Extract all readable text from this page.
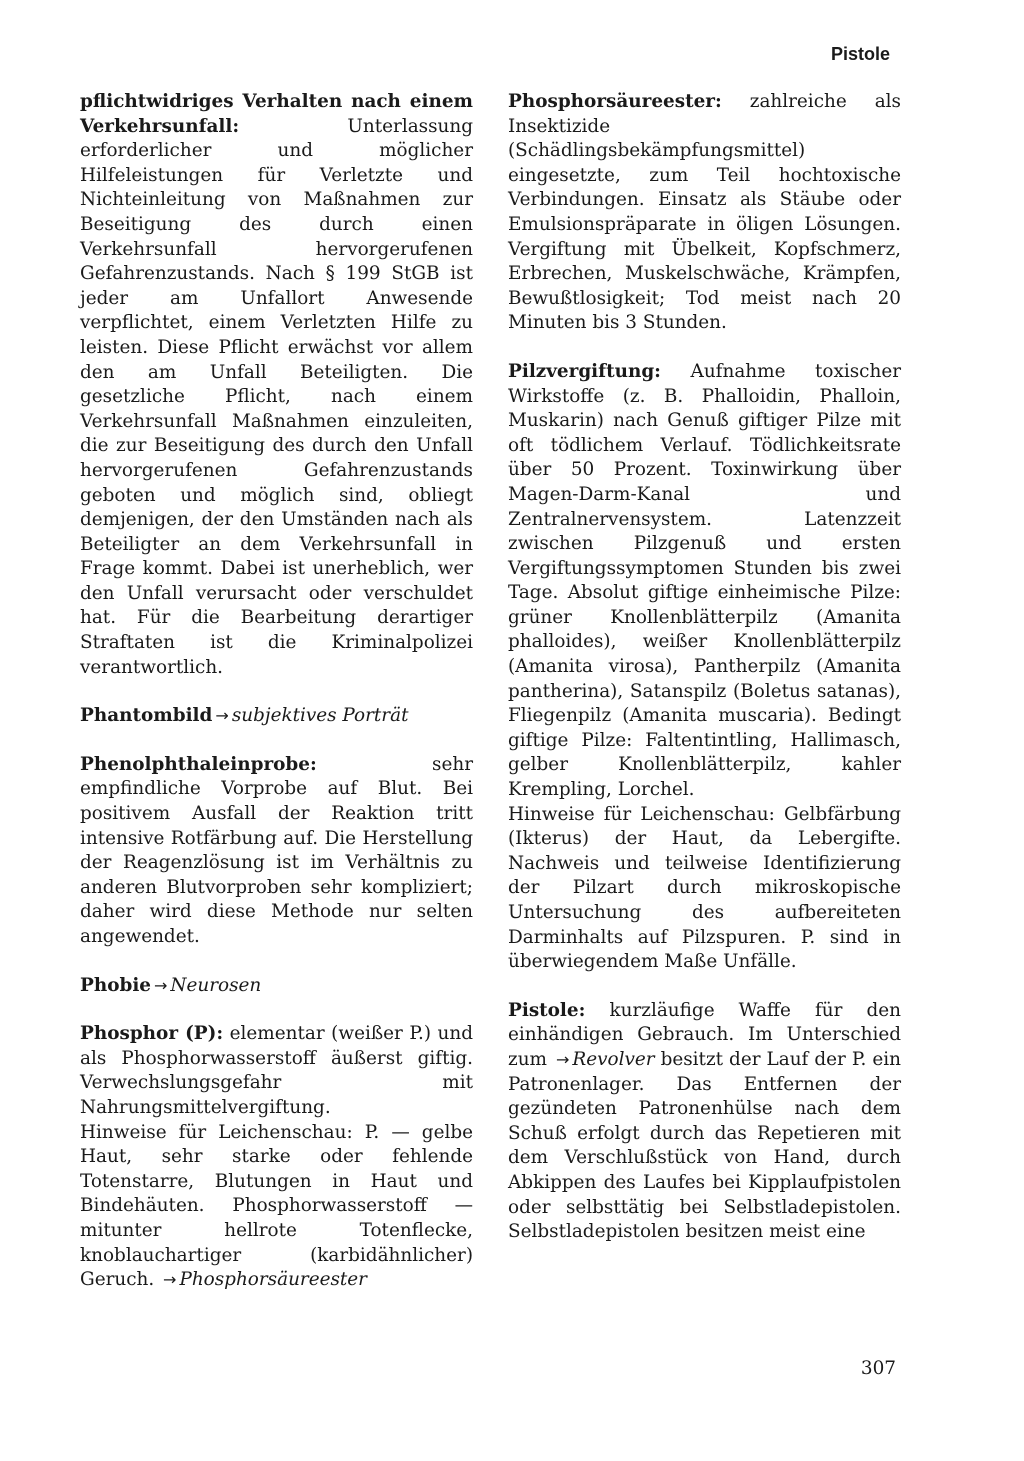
Pistole

pflichtwidriges Verhalten nach einem Verkehrsunfall: Unterlassung erforderlicher und möglicher Hilfeleistungen für Verletzte und Nichteinleitung von Maßnahmen zur Beseitigung des durch einen Verkehrsunfall hervorgerufenen Gefahrenzustands. Nach § 199 StGB ist jeder am Unfallort Anwesende verpflichtet, einem Verletzten Hilfe zu leisten. Diese Pflicht erwächst vor allem den am Unfall Beteiligten. Die gesetzliche Pflicht, nach einem Verkehrsunfall Maßnahmen einzuleiten, die zur Beseitigung des durch den Unfall hervorgerufenen Gefahrenzustands geboten und möglich sind, obliegt demjenigen, der den Umständen nach als Beteiligter an dem Verkehrsunfall in Frage kommt. Dabei ist unerheblich, wer den Unfall verursacht oder verschuldet hat. Für die Bearbeitung derartiger Straftaten ist die Kriminalpolizei verantwortlich.

Phantombild → subjektives Porträt

Phenolphthaleinprobe: sehr empfindliche Vorprobe auf Blut. Bei positivem Ausfall der Reaktion tritt intensive Rotfärbung auf. Die Herstellung der Reagenzlösung ist im Verhältnis zu anderen Blutvorproben sehr kompliziert; daher wird diese Methode nur selten angewendet.

Phobie → Neurosen

Phosphor (P): elementar (weißer P.) und als Phosphorwasserstoff äußerst giftig. Verwechslungsgefahr mit Nahrungsmittelvergiftung.

Hinweise für Leichenschau: P. — gelbe Haut, sehr starke oder fehlende Totenstarre, Blutungen in Haut und Bindehäuten. Phosphorwasserstoff — mitunter hellrote Totenflecke, knoblauchartiger (karbidähnlicher) Geruch. → Phosphorsäureester

Phosphorsäureester: zahlreiche als Insektizide (Schädlingsbekämpfungsmittel) eingesetzte, zum Teil hochtoxische Verbindungen. Einsatz als Stäube oder Emulsionspräparate in öligen Lösungen. Vergiftung mit Übelkeit, Kopfschmerz, Erbrechen, Muskelschwäche, Krämpfen, Bewußtlosigkeit; Tod meist nach 20 Minuten bis 3 Stunden.

Pilzvergiftung: Aufnahme toxischer Wirkstoffe (z. B. Phalloidin, Phalloin, Muskarin) nach Genuß giftiger Pilze mit oft tödlichem Verlauf. Tödlichkeitsrate über 50 Prozent. Toxinwirkung über Magen-Darm-Kanal und Zentralnervensystem. Latenzzeit zwischen Pilzgenuß und ersten Vergiftungssymptomen Stunden bis zwei Tage. Absolut giftige einheimische Pilze: grüner Knollenblätterpilz (Amanita phalloides), weißer Knollenblätterpilz (Amanita virosa), Pantherpilz (Amanita pantherina), Satanspilz (Boletus satanas), Fliegenpilz (Amanita muscaria). Bedingt giftige Pilze: Faltentintling, Hallimasch, gelber Knollenblätterpilz, kahler Krempling, Lorchel.

Hinweise für Leichenschau: Gelbfärbung (Ikterus) der Haut, da Lebergifte. Nachweis und teilweise Identifizierung der Pilzart durch mikroskopische Untersuchung des aufbereiteten Darminhalts auf Pilzspuren. P. sind in überwiegendem Maße Unfälle.

Pistole: kurzläufige Waffe für den einhändigen Gebrauch. Im Unterschied zum → Revolver besitzt der Lauf der P. ein Patronenlager. Das Entfernen der gezündeten Patronenhülse nach dem Schuß erfolgt durch das Repetieren mit dem Verschlußstück von Hand, durch Abkippen des Laufes bei Kipplaufpistolen oder selbsttätig bei Selbstladepistolen. Selbstladepistolen besitzen meist eine

307
